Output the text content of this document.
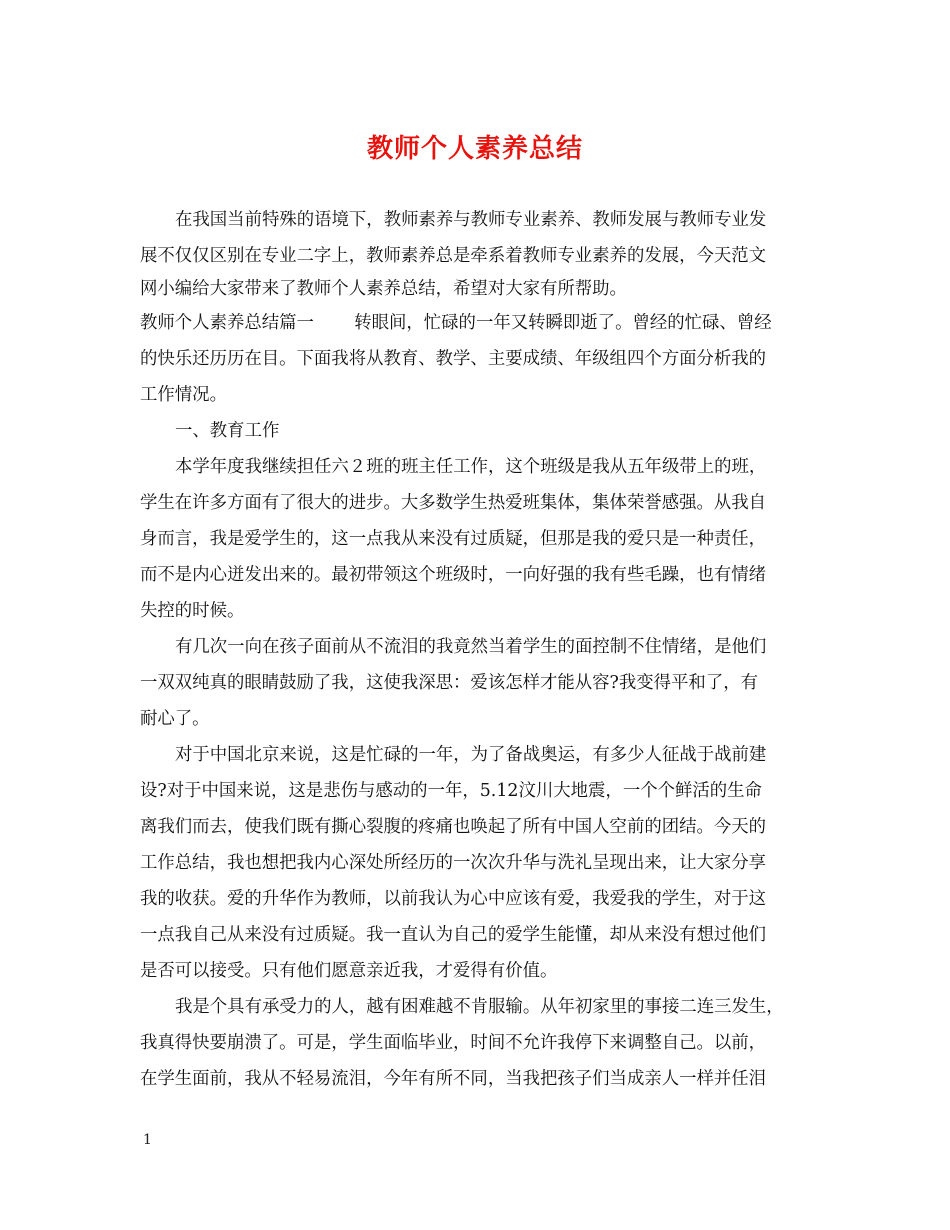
教师个人素养总结
在我国当前特殊的语境下，教师素养与教师专业素养、教师发展与教师专业发
展不仅仅区别在专业二字上，教师素养总是牵系着教师专业素养的发展，今天范文
网小编给大家带来了教师个人素养总结，希望对大家有所帮助。
教师个人素养总结篇一　　 转眼间，忙碌的一年又转瞬即逝了。曾经的忙碌、曾经
的快乐还历历在目。下面我将从教育、教学、主要成绩、年级组四个方面分析我的
工作情况。
一、教育工作
本学年度我继续担任六２班的班主任工作，这个班级是我从五年级带上的班，
学生在许多方面有了很大的进步。大多数学生热爱班集体，集体荣誉感强。从我自
身而言，我是爱学生的，这一点我从来没有过质疑，但那是我的爱只是一种责任，
而不是内心迸发出来的。最初带领这个班级时，一向好强的我有些毛躁，也有情绪
失控的时候。
有几次一向在孩子面前从不流泪的我竟然当着学生的面控制不住情绪，是他们
一双双纯真的眼睛鼓励了我，这使我深思：爱该怎样才能从容?我变得平和了，有
耐心了。
对于中国北京来说，这是忙碌的一年，为了备战奥运，有多少人征战于战前建
设?对于中国来说，这是悲伤与感动的一年，5.12汶川大地震，一个个鲜活的生命
离我们而去，使我们既有撕心裂腹的疼痛也唤起了所有中国人空前的团结。今天的
工作总结，我也想把我内心深处所经历的一次次升华与洗礼呈现出来，让大家分享
我的收获。爱的升华作为教师，以前我认为心中应该有爱，我爱我的学生，对于这
一点我自己从来没有过质疑。我一直认为自己的爱学生能懂，却从来没有想过他们
是否可以接受。只有他们愿意亲近我，才爱得有价值。
我是个具有承受力的人，越有困难越不肯服输。从年初家里的事接二连三发生，
我真得快要崩溃了。可是，学生面临毕业，时间不允许我停下来调整自己。以前，
在学生面前，我从不轻易流泪，今年有所不同，当我把孩子们当成亲人一样并任泪
1
